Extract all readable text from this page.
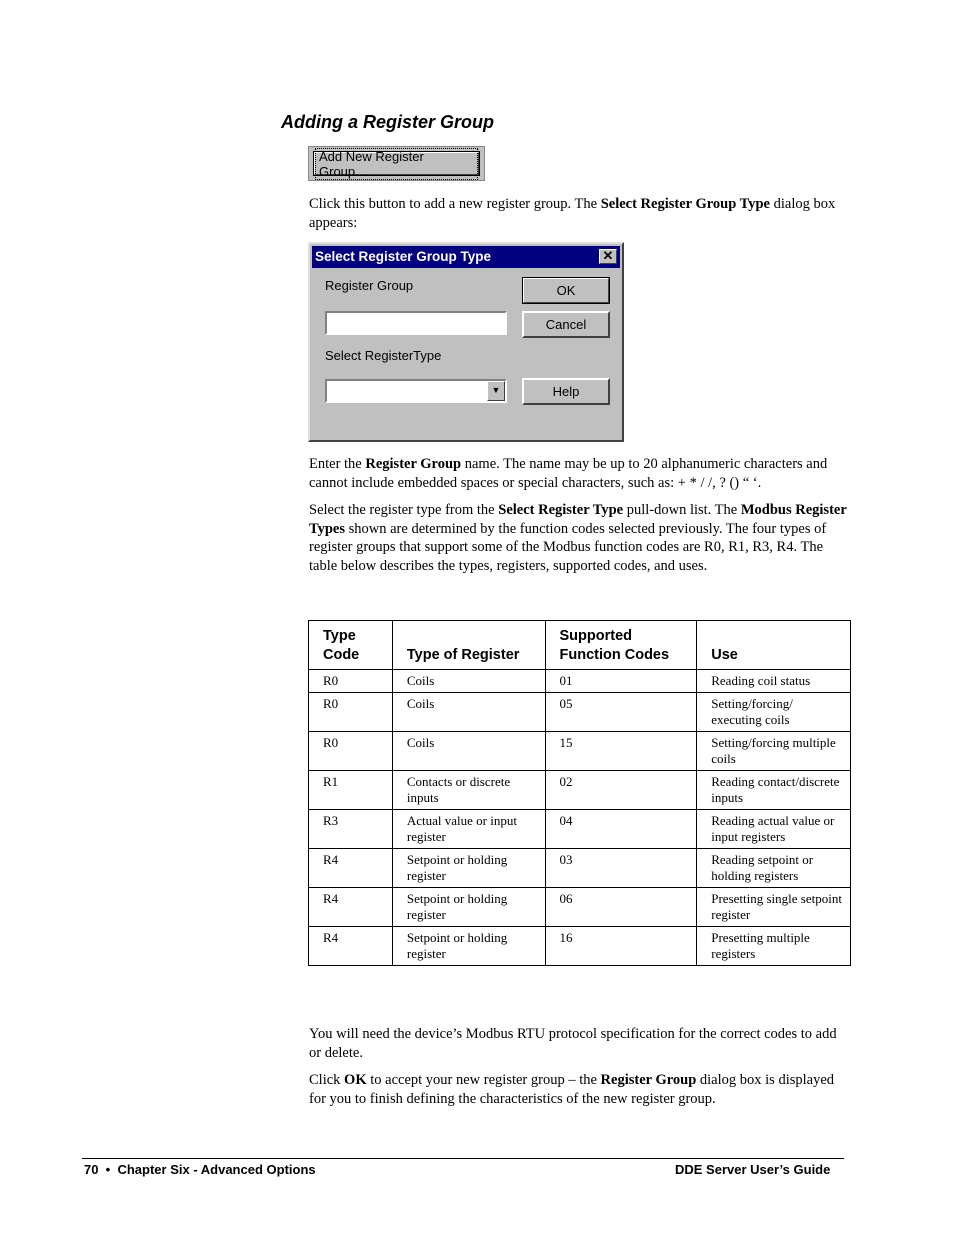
Adding a Register Group
Add New Register Group...

Click this button to add a new register group. The Select Register Group Type dialog box appears:

Select Register Group Type	✕
Register Group
Select RegisterType
▼
OK
Cancel
Help

Enter the Register Group name. The name may be up to 20 alphanumeric characters and cannot include embedded spaces or special characters, such as: + * / /, ? () “ ‘.

Select the register type from the Select Register Type pull-down list. The Modbus Register Types shown are determined by the function codes selected previously. The four types of register groups that support some of the Modbus function codes are R0, R1, R3, R4. The table below describes the types, registers, supported codes, and uses.

Type Code	Type of Register	Supported Function Codes	Use
R0	Coils	01	Reading coil status
R0	Coils	05	Setting/forcing/ executing coils
R0	Coils	15	Setting/forcing multiple coils
R1	Contacts or discrete inputs	02	Reading contact/discrete inputs
R3	Actual value or input register	04	Reading actual value or input registers
R4	Setpoint or holding register	03	Reading setpoint or holding registers
R4	Setpoint or holding register	06	Presetting single setpoint register
R4	Setpoint or holding register	16	Presetting multiple registers

You will need the device’s Modbus RTU protocol specification for the correct codes to add or delete.

Click OK to accept your new register group – the Register Group dialog box is displayed for you to finish defining the characteristics of the new register group.

70  •  Chapter Six - Advanced Options	DDE Server User’s Guide
